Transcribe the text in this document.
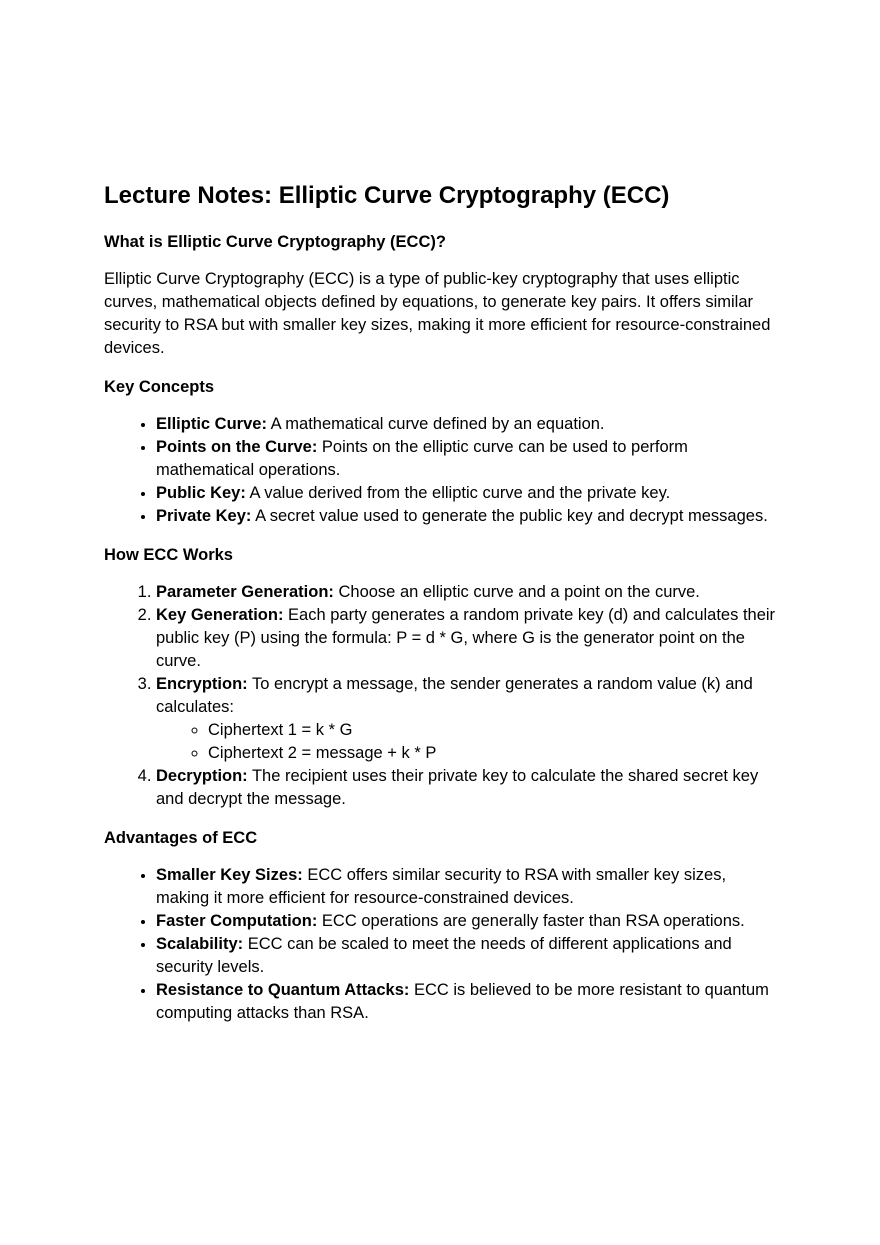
Lecture Notes: Elliptic Curve Cryptography (ECC)
What is Elliptic Curve Cryptography (ECC)?

Elliptic Curve Cryptography (ECC) is a type of public-key cryptography that uses elliptic curves, mathematical objects defined by equations, to generate key pairs. It offers similar security to RSA but with smaller key sizes, making it more efficient for resource-constrained devices.

Key Concepts
• Elliptic Curve: A mathematical curve defined by an equation.
• Points on the Curve: Points on the elliptic curve can be used to perform mathematical operations.
• Public Key: A value derived from the elliptic curve and the private key.
• Private Key: A secret value used to generate the public key and decrypt messages.
How ECC Works
1. Parameter Generation: Choose an elliptic curve and a point on the curve.
2. Key Generation: Each party generates a random private key (d) and calculates their public key (P) using the formula: P = d * G, where G is the generator point on the curve.
3. Encryption: To encrypt a message, the sender generates a random value (k) and calculates:
◦ Ciphertext 1 = k * G
◦ Ciphertext 2 = message + k * P
4. Decryption: The recipient uses their private key to calculate the shared secret key and decrypt the message.
Advantages of ECC
• Smaller Key Sizes: ECC offers similar security to RSA with smaller key sizes, making it more efficient for resource-constrained devices.
• Faster Computation: ECC operations are generally faster than RSA operations.
• Scalability: ECC can be scaled to meet the needs of different applications and security levels.
• Resistance to Quantum Attacks: ECC is believed to be more resistant to quantum computing attacks than RSA.
